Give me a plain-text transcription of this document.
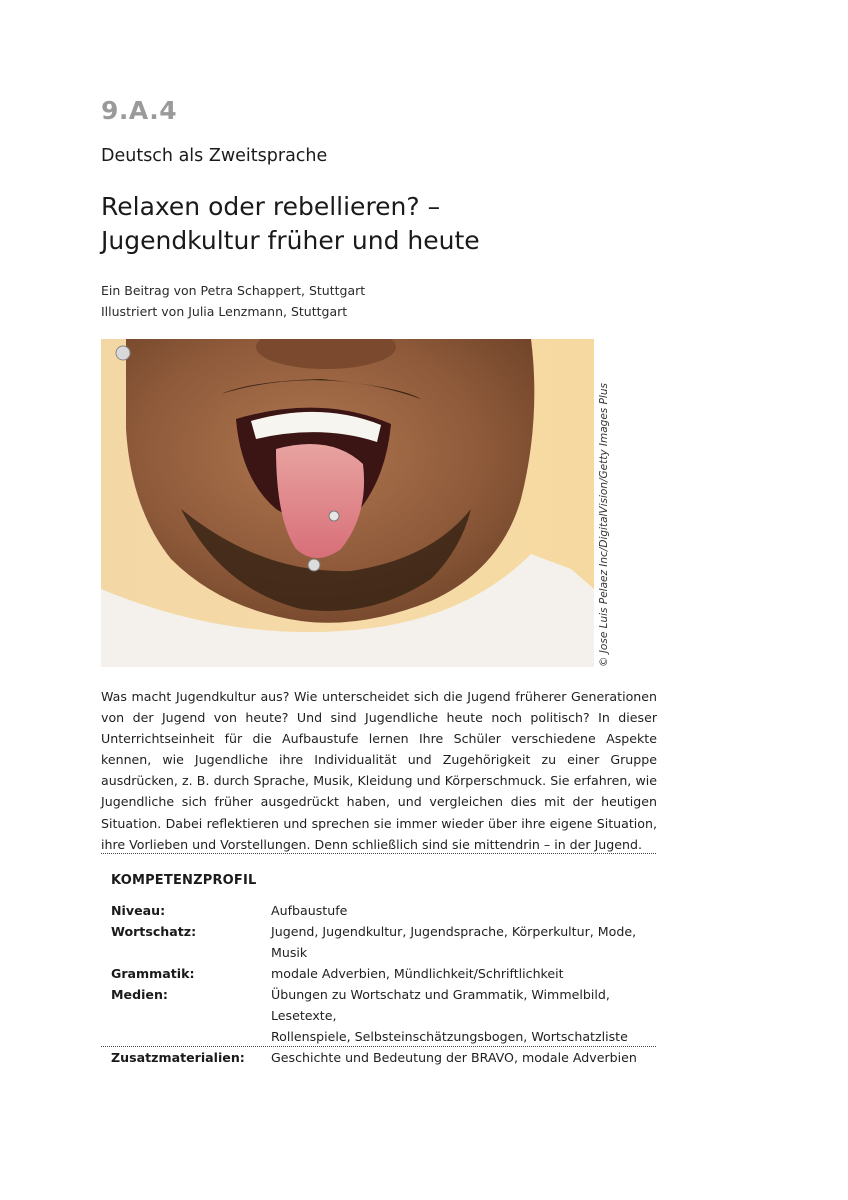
9.A.4
Deutsch als Zweitsprache
Relaxen oder rebellieren? –
Jugendkultur früher und heute
Ein Beitrag von Petra Schappert, Stuttgart
Illustriert von Julia Lenzmann, Stuttgart
© Jose Luis Pelaez Inc/DigitalVision/Getty Images Plus

Was macht Jugendkultur aus? Wie unterscheidet sich die Jugend früherer Generationen von der Jugend von heute? Und sind Jugendliche heute noch politisch? In dieser Unterrichtseinheit für die Aufbaustufe lernen Ihre Schüler verschiedene Aspekte kennen, wie Jugendliche ihre Individualität und Zugehörigkeit zu einer Gruppe ausdrücken, z. B. durch Sprache, Musik, Kleidung und Körperschmuck. Sie erfahren, wie Jugendliche sich früher ausgedrückt haben, und vergleichen dies mit der heutigen Situation. Dabei reflektieren und sprechen sie immer wieder über ihre eigene Situation, ihre Vorlieben und Vorstellungen. Denn schließlich sind sie mittendrin – in der Jugend.

KOMPETENZPROFIL
Niveau:	Aufbaustufe
Wortschatz:	Jugend, Jugendkultur, Jugendsprache, Körperkultur, Mode, Musik
Grammatik:	modale Adverbien, Mündlichkeit/Schriftlichkeit
Medien:	Übungen zu Wortschatz und Grammatik, Wimmelbild, Lesetexte,
Rollenspiele, Selbsteinschätzungsbogen, Wortschatzliste
Zusatzmaterialien:	Geschichte und Bedeutung der BRAVO, modale Adverbien
